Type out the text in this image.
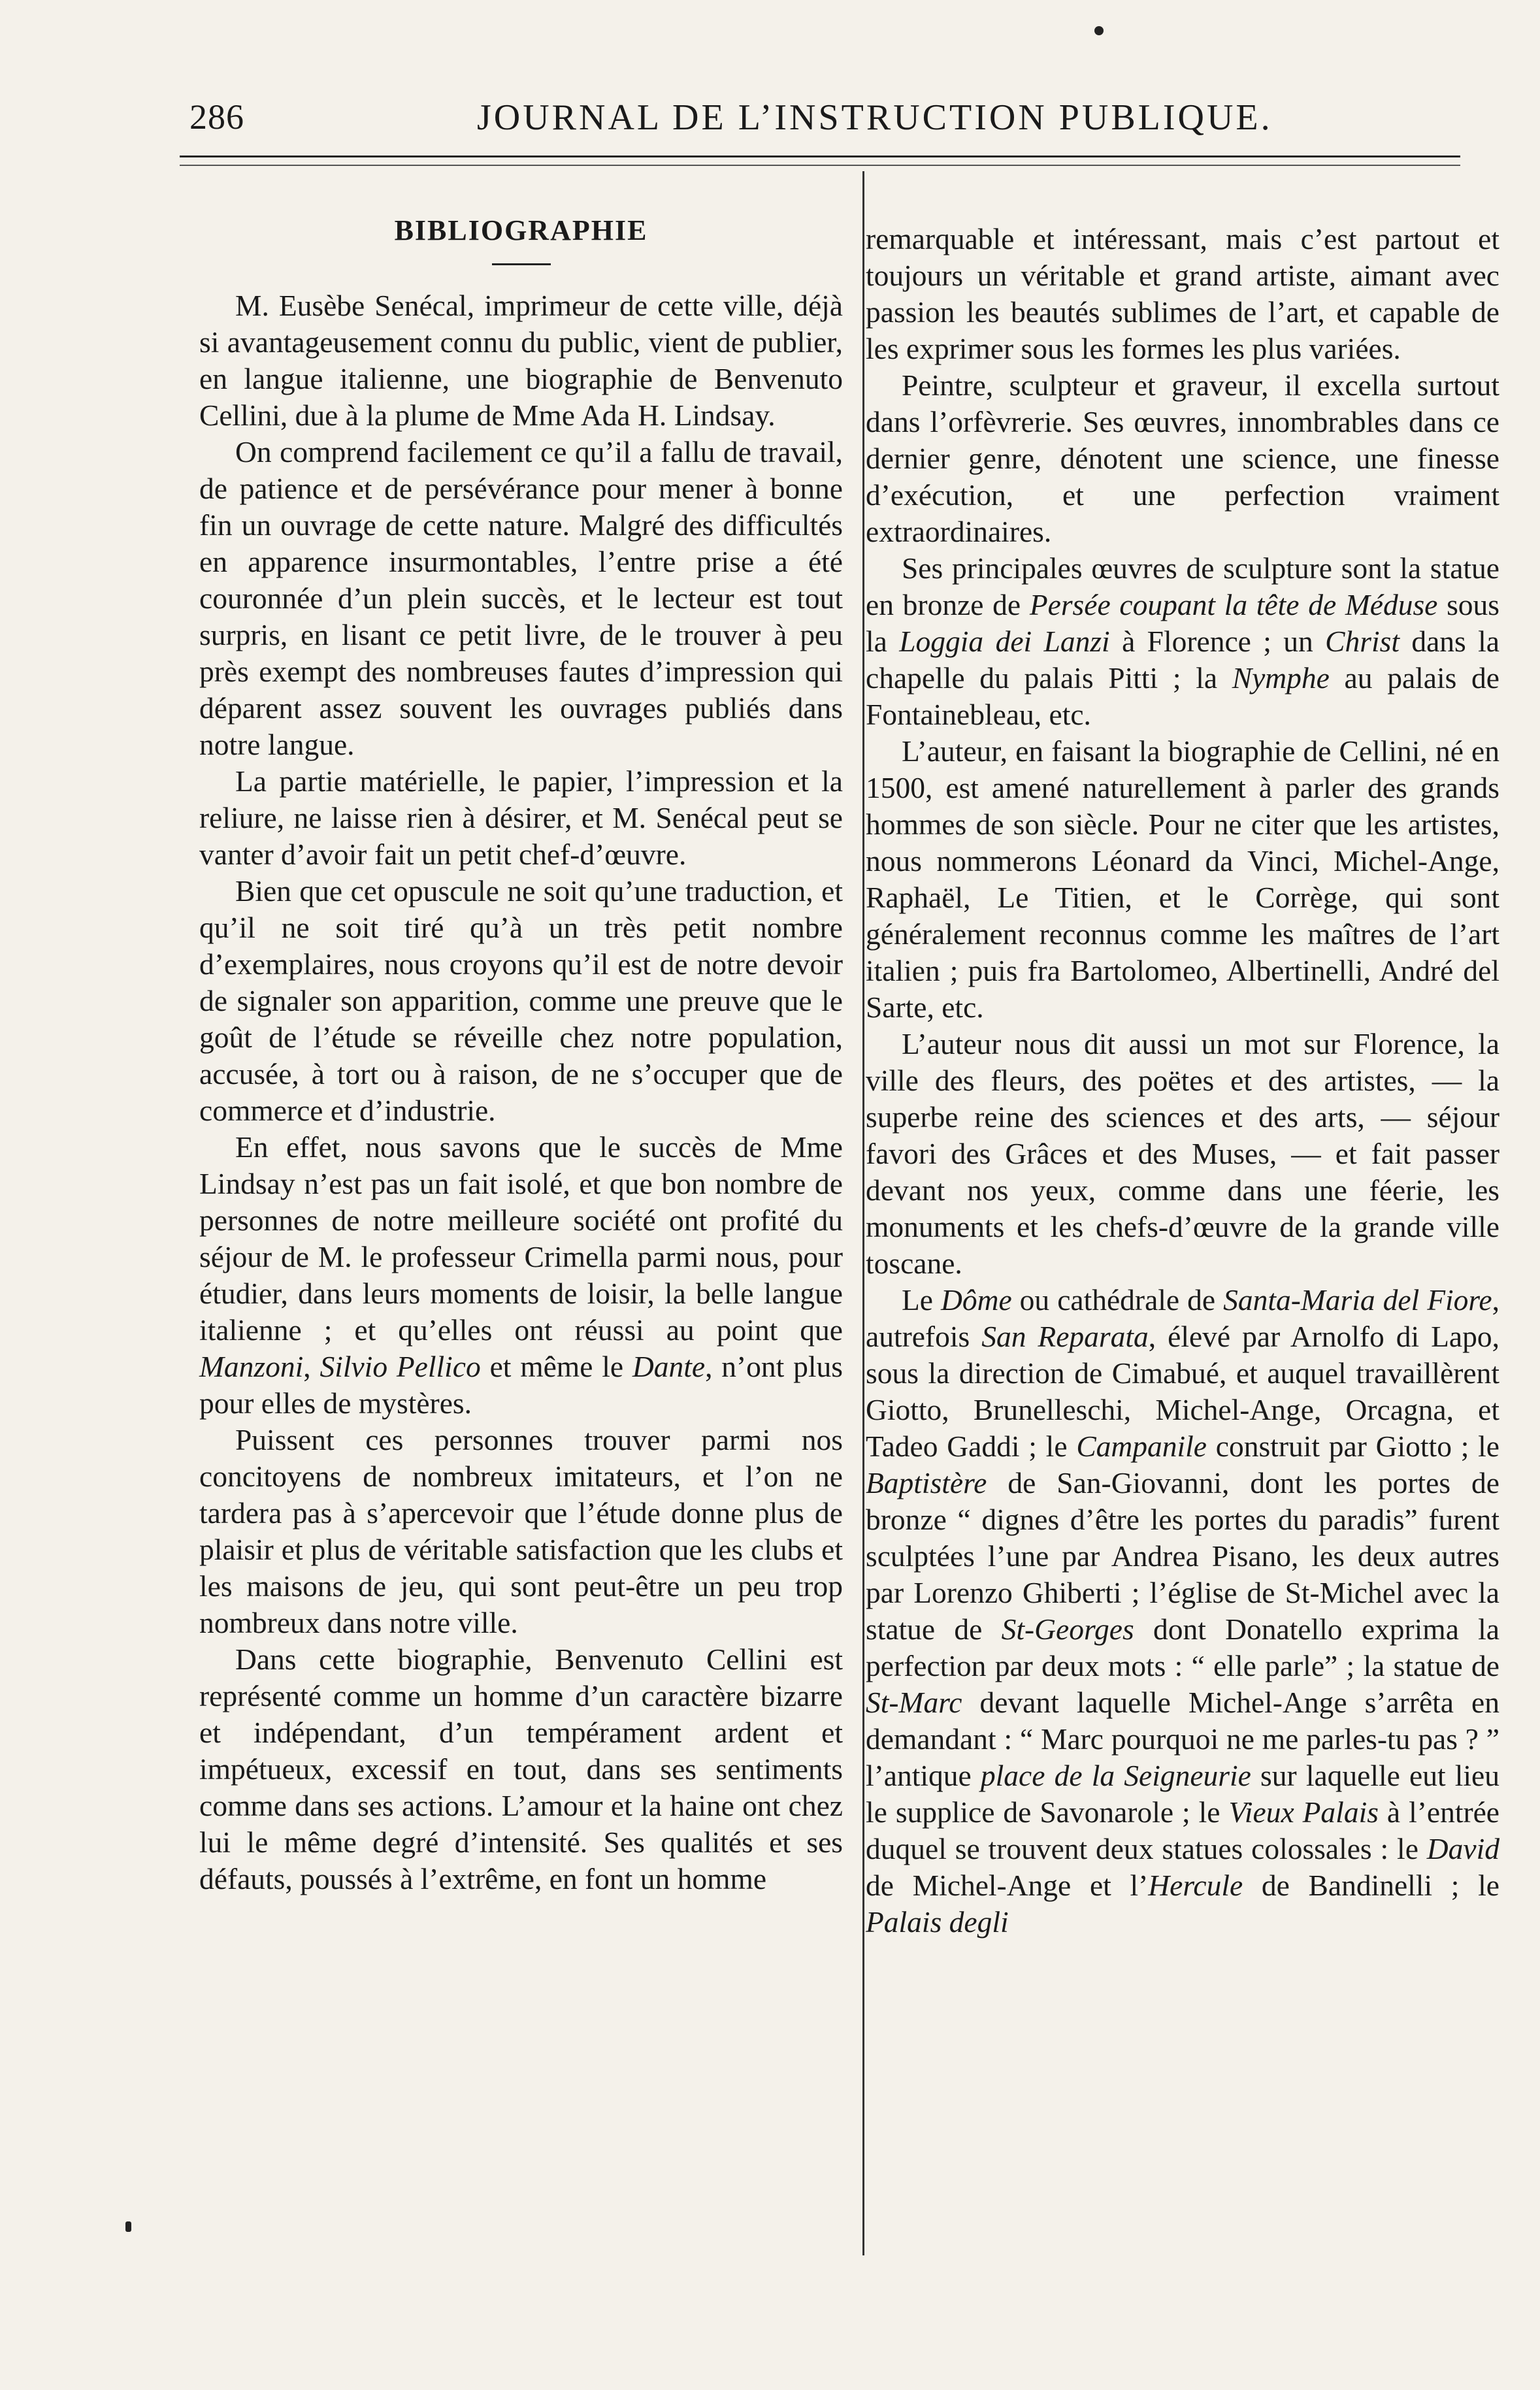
286	JOURNAL DE L’INSTRUCTION PUBLIQUE.
BIBLIOGRAPHIE

M. Eusèbe Senécal, imprimeur de cette ville, déjà si avantageusement connu du public, vient de publier, en langue italienne, une biographie de Benvenuto Cellini, due à la plume de Mme Ada H. Lindsay.

On comprend facilement ce qu’il a fallu de travail, de patience et de persévérance pour mener à bonne fin un ouvrage de cette nature. Malgré des difficultés en apparence insurmontables, l’entre prise a été couronnée d’un plein succès, et le lecteur est tout surpris, en lisant ce petit livre, de le trouver à peu près exempt des nombreuses fautes d’impression qui déparent assez souvent les ouvrages publiés dans notre langue.

La partie matérielle, le papier, l’impression et la reliure, ne laisse rien à désirer, et M. Senécal peut se vanter d’avoir fait un petit chef-d’œuvre.

Bien que cet opuscule ne soit qu’une traduction, et qu’il ne soit tiré qu’à un très petit nombre d’exemplaires, nous croyons qu’il est de notre devoir de signaler son apparition, comme une preuve que le goût de l’étude se réveille chez notre population, accusée, à tort ou à raison, de ne s’occuper que de commerce et d’industrie.

En effet, nous savons que le succès de Mme Lindsay n’est pas un fait isolé, et que bon nombre de personnes de notre meilleure société ont profité du séjour de M. le professeur Crimella parmi nous, pour étudier, dans leurs moments de loisir, la belle langue italienne ; et qu’elles ont réussi au point que Manzoni, Silvio Pellico et même le Dante, n’ont plus pour elles de mystères.

Puissent ces personnes trouver parmi nos concitoyens de nombreux imitateurs, et l’on ne tardera pas à s’apercevoir que l’étude donne plus de plaisir et plus de véritable satisfaction que les clubs et les maisons de jeu, qui sont peut-être un peu trop nombreux dans notre ville.

Dans cette biographie, Benvenuto Cellini est représenté comme un homme d’un caractère bizarre et indépendant, d’un tempérament ardent et impétueux, excessif en tout, dans ses sentiments comme dans ses actions. L’amour et la haine ont chez lui le même degré d’intensité. Ses qualités et ses défauts, poussés à l’extrême, en font un homme

remarquable et intéressant, mais c’est partout et toujours un véritable et grand artiste, aimant avec passion les beautés sublimes de l’art, et capable de les exprimer sous les formes les plus variées.

Peintre, sculpteur et graveur, il excella surtout dans l’orfèvrerie. Ses œuvres, innombrables dans ce dernier genre, dénotent une science, une finesse d’exécution, et une perfection vraiment extraordinaires.

Ses principales œuvres de sculpture sont la statue en bronze de Persée coupant la tête de Méduse sous la Loggia dei Lanzi à Florence ; un Christ dans la chapelle du palais Pitti ; la Nymphe au palais de Fontainebleau, etc.

L’auteur, en faisant la biographie de Cellini, né en 1500, est amené naturellement à parler des grands hommes de son siècle. Pour ne citer que les artistes, nous nommerons Léonard da Vinci, Michel-Ange, Raphaël, Le Titien, et le Corrège, qui sont généralement reconnus comme les maîtres de l’art italien ; puis fra Bartolomeo, Albertinelli, André del Sarte, etc.

L’auteur nous dit aussi un mot sur Florence, la ville des fleurs, des poëtes et des artistes, — la superbe reine des sciences et des arts, — séjour favori des Grâces et des Muses, — et fait passer devant nos yeux, comme dans une féerie, les monuments et les chefs-d’œuvre de la grande ville toscane.

Le Dôme ou cathédrale de Santa-Maria del Fiore, autrefois San Reparata, élevé par Arnolfo di Lapo, sous la direction de Cimabué, et auquel travaillèrent Giotto, Brunelleschi, Michel-Ange, Orcagna, et Tadeo Gaddi ; le Campanile construit par Giotto ; le Baptistère de San-Giovanni, dont les portes de bronze “ dignes d’être les portes du paradis” furent sculptées l’une par Andrea Pisano, les deux autres par Lorenzo Ghiberti ; l’église de St-Michel avec la statue de St-Georges dont Donatello exprima la perfection par deux mots : “ elle parle” ; la statue de St-Marc devant laquelle Michel-Ange s’arrêta en demandant : “ Marc pourquoi ne me parles-tu pas ? ” l’antique place de la Seigneurie sur laquelle eut lieu le supplice de Savonarole ; le Vieux Palais à l’entrée duquel se trouvent deux statues colossales : le David de Michel-Ange et l’Hercule de Bandinelli ; le Palais degli
